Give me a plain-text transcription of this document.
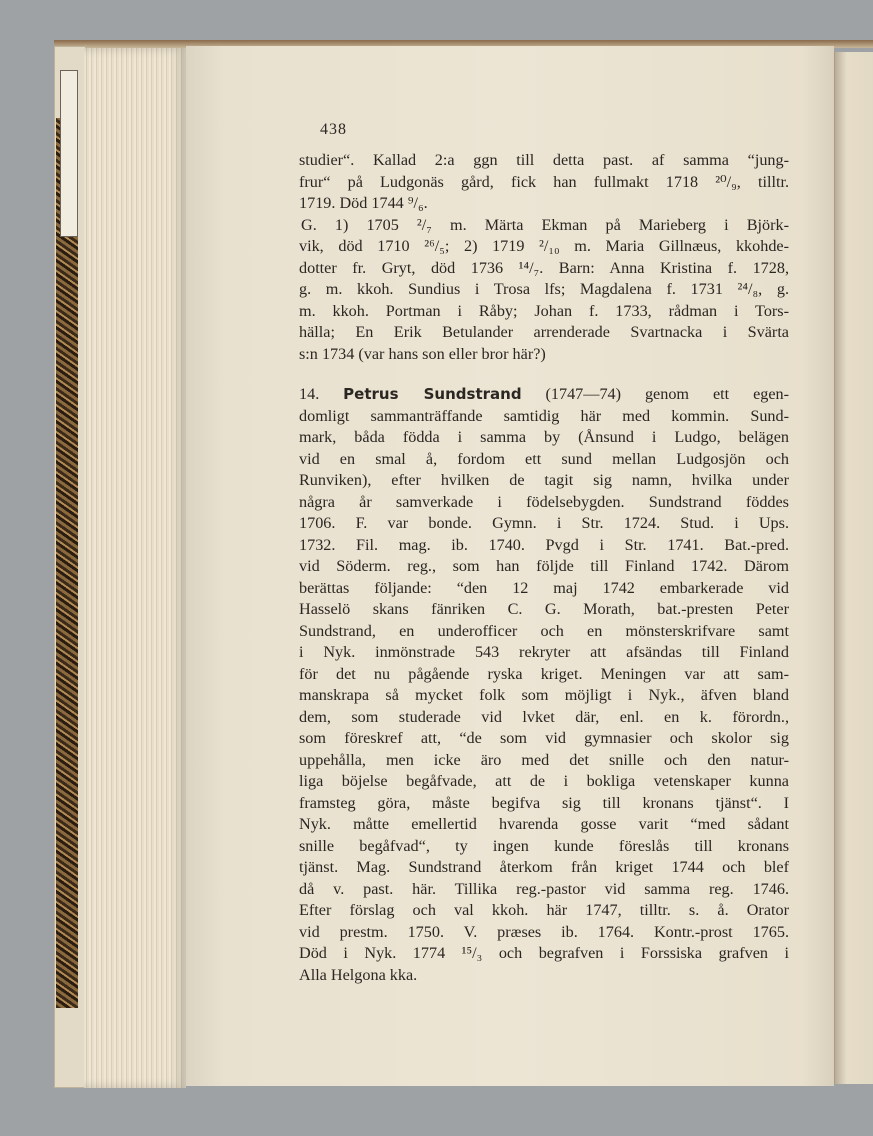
438
studier“. Kallad 2:a ggn till detta past. af samma “jung-
frur“ på Ludgonäs gård, fick han fullmakt 1718 ²⁰/₉, tilltr.
1719. Död 1744 ⁹/₆.
G. 1) 1705 ²/₇ m. Märta Ekman på Marieberg i Björk-
vik, död 1710 ²⁶/₅; 2) 1719 ²/₁₀ m. Maria Gillnæus, kkohde-
dotter fr. Gryt, död 1736 ¹⁴/₇. Barn: Anna Kristina f. 1728,
g. m. kkoh. Sundius i Trosa lfs; Magdalena f. 1731 ²⁴/₈, g.
m. kkoh. Portman i Råby; Johan f. 1733, rådman i Tors-
hälla; En Erik Betulander arrenderade Svartnacka i Svärta
s:n 1734 (var hans son eller bror här?)
14. Petrus Sundstrand (1747—74) genom ett egen-
domligt sammanträffande samtidig här med kommin. Sund-
mark, båda födda i samma by (Ånsund i Ludgo, belägen
vid en smal å, fordom ett sund mellan Ludgosjön och
Runviken), efter hvilken de tagit sig namn, hvilka under
några år samverkade i födelsebygden. Sundstrand föddes
1706. F. var bonde. Gymn. i Str. 1724. Stud. i Ups.
1732. Fil. mag. ib. 1740. Pvgd i Str. 1741. Bat.-pred.
vid Söderm. reg., som han följde till Finland 1742. Därom
berättas följande: “den 12 maj 1742 embarkerade vid
Hasselö skans fänriken C. G. Morath, bat.-presten Peter
Sundstrand, en underofficer och en mönsterskrifvare samt
i Nyk. inmönstrade 543 rekryter att afsändas till Finland
för det nu pågående ryska kriget. Meningen var att sam-
manskrapa så mycket folk som möjligt i Nyk., äfven bland
dem, som studerade vid lvket där, enl. en k. förordn.,
som föreskref att, “de som vid gymnasier och skolor sig
uppehålla, men icke äro med det snille och den natur-
liga böjelse begåfvade, att de i bokliga vetenskaper kunna
framsteg göra, måste begifva sig till kronans tjänst“. I
Nyk. måtte emellertid hvarenda gosse varit “med sådant
snille begåfvad“, ty ingen kunde föreslås till kronans
tjänst. Mag. Sundstrand återkom från kriget 1744 och blef
då v. past. här. Tillika reg.-pastor vid samma reg. 1746.
Efter förslag och val kkoh. här 1747, tilltr. s. å. Orator
vid prestm. 1750. V. præses ib. 1764. Kontr.-prost 1765.
Död i Nyk. 1774 ¹⁵/₃ och begrafven i Forssiska grafven i
Alla Helgona kka.
